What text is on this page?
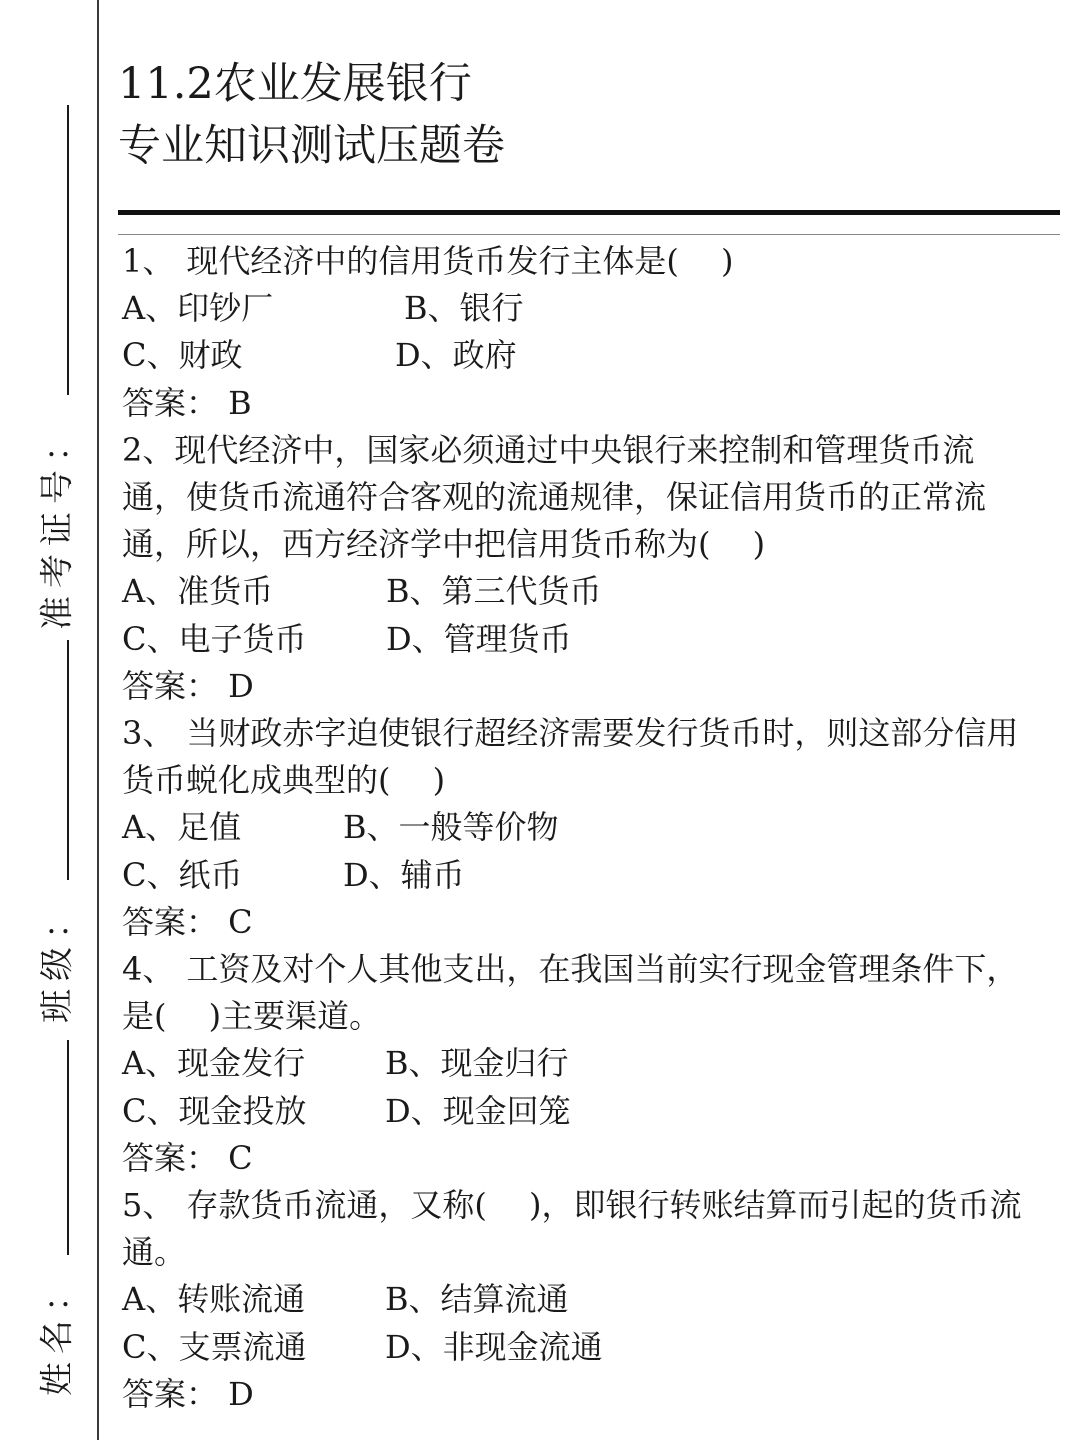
准考证号：
班级：
姓名：
11.2农业发展银行
专业知识测试压题卷
1、 现代经济中的信用货币发行主体是(　 )
A、印钞厂	B、银行
C、财政	D、政府
答案： B
2、现代经济中，国家必须通过中央银行来控制和管理货币流通，使货币流通符合客观的流通规律，保证信用货币的正常流通，所以，西方经济学中把信用货币称为(　 )
A、准货币	B、第三代货币
C、电子货币 D、管理货币
答案： D
3、 当财政赤字迫使银行超经济需要发行货币时，则这部分信用货币蜕化成典型的(　 )
A、足值	B、一般等价物
C、纸币	D、辅币
答案： C
4、 工资及对个人其他支出，在我国当前实行现金管理条件下，是(　 )主要渠道。
A、现金发行 B、现金归行
C、现金投放 D、现金回笼
答案： C
5、 存款货币流通，又称(　 )，即银行转账结算而引起的货币流通。
A、转账流通 B、结算流通
C、支票流通 D、非现金流通
答案： D
